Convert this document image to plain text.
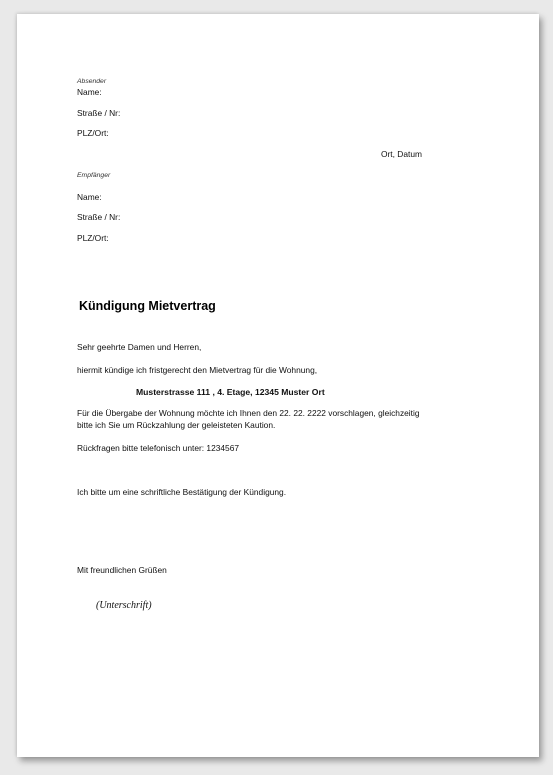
Absender
Name:
Straße / Nr:
PLZ/Ort:
Ort, Datum
Empfänger
Name:
Straße / Nr:
PLZ/Ort:
Kündigung Mietvertrag
Sehr geehrte Damen und Herren,
hiermit kündige ich fristgerecht den Mietvertrag für die Wohnung,
Musterstrasse 111 , 4. Etage, 12345 Muster Ort
Für die Übergabe der Wohnung möchte ich Ihnen den 22. 22. 2222 vorschlagen, gleichzeitig
bitte ich Sie um Rückzahlung der geleisteten Kaution.
Rückfragen bitte telefonisch unter: 1234567
Ich bitte um eine schriftliche Bestätigung der Kündigung.
Mit freundlichen Grüßen
(Unterschrift)
